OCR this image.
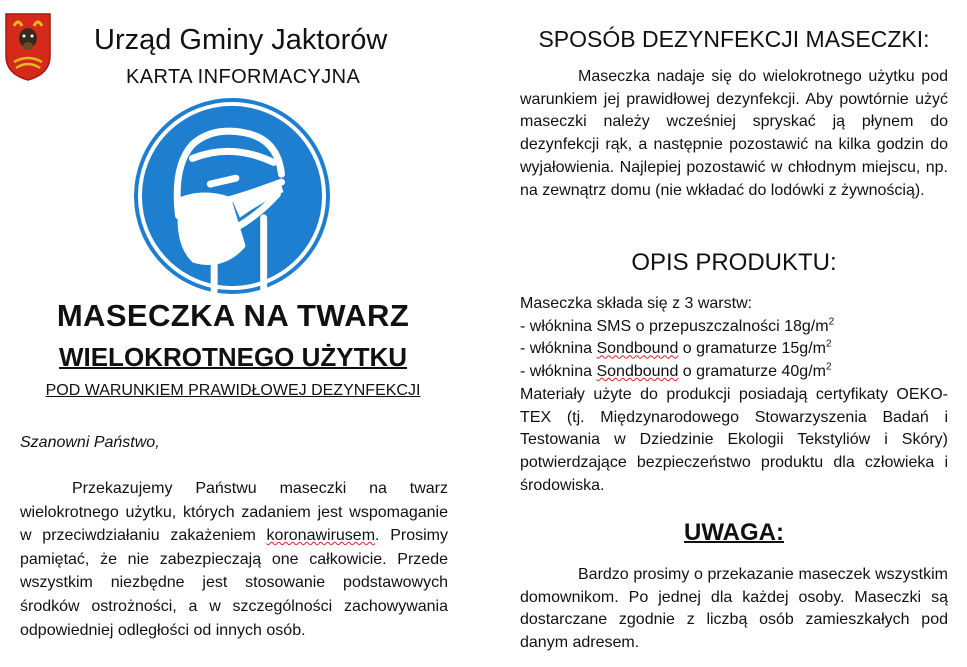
Urząd Gminy Jaktorów
KARTA INFORMACYJNA
MASECZKA NA TWARZ
WIELOKROTNEGO UŻYTKU
POD WARUNKIEM PRAWIDŁOWEJ DEZYNFEKCJI
Szanowni Państwo,
Przekazujemy Państwu maseczki na twarz wielokrotnego użytku, których zadaniem jest wspomaganie w przeciwdziałaniu zakażeniem koronawirusem. Prosimy pamiętać, że nie zabezpieczają one całkowicie. Przede wszystkim niezbędne jest stosowanie podstawowych środków ostrożności, a w szczególności zachowywania odpowiedniej odległości od innych osób.
SPOSÓB DEZYNFEKCJI MASECZKI:
Maseczka nadaje się do wielokrotnego użytku pod warunkiem jej prawidłowej dezynfekcji. Aby powtórnie użyć maseczki należy wcześniej spryskać ją płynem do dezynfekcji rąk, a następnie pozostawić na kilka godzin do wyjałowienia. Najlepiej pozostawić w chłodnym miejscu, np. na zewnątrz domu (nie wkładać do lodówki z żywnością).
OPIS PRODUKTU:
Maseczka składa się z 3 warstw:
- włóknina SMS o przepuszczalności $18g/m^2$
- włóknina Sondbound o gramaturze $15g/m^2$
- włóknina Sondbound o gramaturze $40g/m^2$
Materiały użyte do produkcji posiadają certyfikaty OEKO-TEX (tj. Międzynarodowego Stowarzyszenia Badań i Testowania w Dziedzinie Ekologii Tekstyliów i Skóry) potwierdzające bezpieczeństwo produktu dla człowieka i środowiska.
UWAGA:
Bardzo prosimy o przekazanie maseczek wszystkim domownikom. Po jednej dla każdej osoby. Maseczki są dostarczane zgodnie z liczbą osób zamieszkałych pod danym adresem.
